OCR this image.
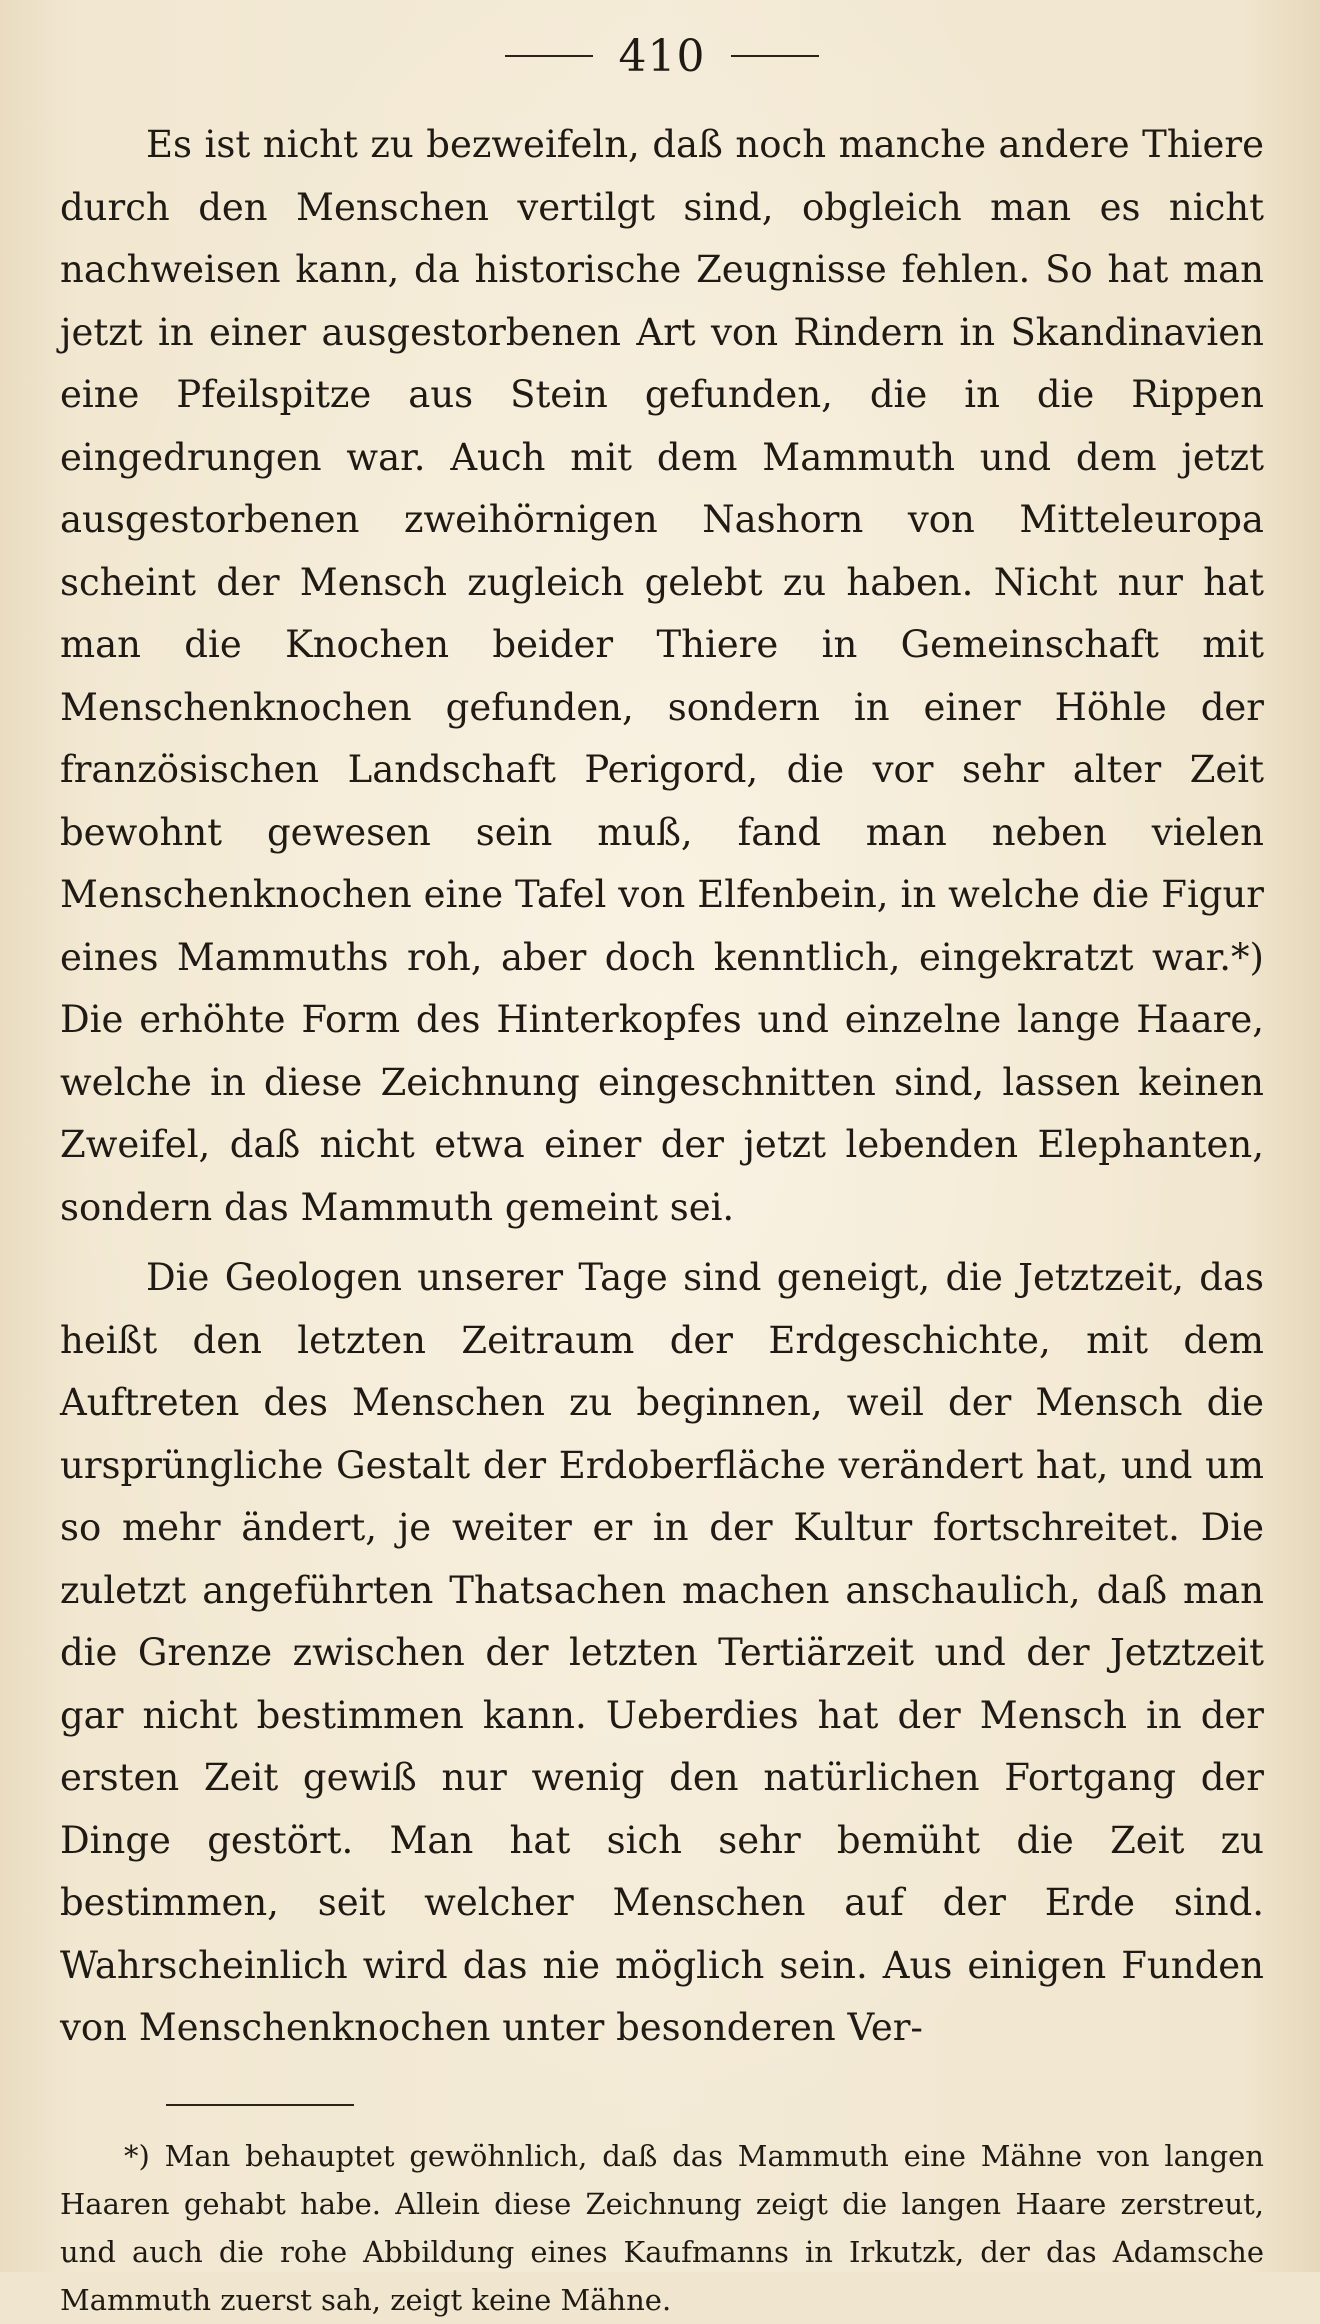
410

Es ist nicht zu bezweifeln, daß noch manche andere Thiere durch den Menschen vertilgt sind, obgleich man es nicht nachweisen kann, da historische Zeugnisse fehlen. So hat man jetzt in einer ausgestorbenen Art von Rindern in Skandinavien eine Pfeilspitze aus Stein gefunden, die in die Rippen eingedrungen war. Auch mit dem Mammuth und dem jetzt ausgestorbenen zweihörnigen Nashorn von Mitteleuropa scheint der Mensch zugleich gelebt zu haben. Nicht nur hat man die Knochen beider Thiere in Gemeinschaft mit Menschenknochen gefunden, sondern in einer Höhle der französischen Landschaft Perigord, die vor sehr alter Zeit bewohnt gewesen sein muß, fand man neben vielen Menschenknochen eine Tafel von Elfenbein, in welche die Figur eines Mammuths roh, aber doch kenntlich, eingekratzt war.*) Die erhöhte Form des Hinterkopfes und einzelne lange Haare, welche in diese Zeichnung eingeschnitten sind, lassen keinen Zweifel, daß nicht etwa einer der jetzt lebenden Elephanten, sondern das Mammuth gemeint sei.

Die Geologen unserer Tage sind geneigt, die Jetztzeit, das heißt den letzten Zeitraum der Erdgeschichte, mit dem Auftreten des Menschen zu beginnen, weil der Mensch die ursprüngliche Gestalt der Erdoberfläche verändert hat, und um so mehr ändert, je weiter er in der Kultur fortschreitet. Die zuletzt angeführten Thatsachen machen anschaulich, daß man die Grenze zwischen der letzten Tertiärzeit und der Jetztzeit gar nicht bestimmen kann. Ueberdies hat der Mensch in der ersten Zeit gewiß nur wenig den natürlichen Fortgang der Dinge gestört. Man hat sich sehr bemüht die Zeit zu bestimmen, seit welcher Menschen auf der Erde sind. Wahrscheinlich wird das nie möglich sein. Aus einigen Funden von Menschenknochen unter besonderen Ver-

*) Man behauptet gewöhnlich, daß das Mammuth eine Mähne von langen Haaren gehabt habe. Allein diese Zeichnung zeigt die langen Haare zerstreut, und auch die rohe Abbildung eines Kaufmanns in Irkutzk, der das Adamsche Mammuth zuerst sah, zeigt keine Mähne.
